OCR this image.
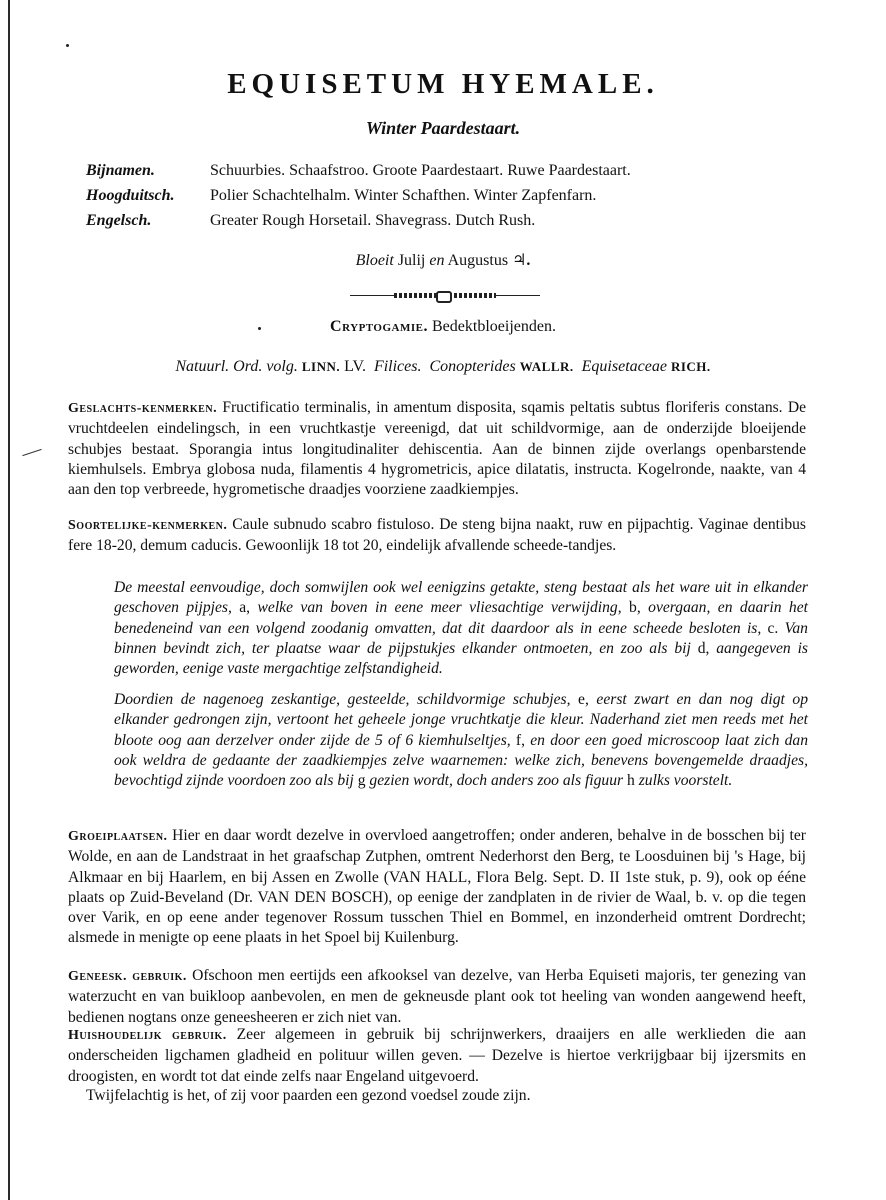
EQUISETUM HYEMALE.
Winter Paardestaart.
Bijnamen.	Schuurbies. Schaafstroo. Groote Paardestaart. Ruwe Paardestaart.
Hoogduitsch. Polier Schachtelhalm. Winter Schafthen. Winter Zapfenfarn.
Engelsch.	Greater Rough Horsetail. Shavegrass. Dutch Rush.
Bloeit Julij en Augustus ♃.
Cryptogamie. Bedektbloeijenden.
Natuurl. Ord. volg. LINN. LV. Filices. Conopterides WALLR. Equisetaceae RICH.
Geslachts-kenmerken. Fructificatio terminalis, in amentum disposita, sqamis peltatis subtus floriferis constans. De vruchtdeelen eindelingsch, in een vruchtkastje vereenigd, dat uit schildvormige, aan de onderzijde bloeijende schubjes bestaat. Sporangia intus longitudinaliter dehiscentia. Aan de binnen zijde overlangs openbarstende kiemhulsels. Embrya globosa nuda, filamentis 4 hygrometricis, apice dilatatis, instructa. Kogelronde, naakte, van 4 aan den top verbreede, hygrometische draadjes voorziene zaadkiempjes.
Soortelijke-kenmerken. Caule subnudo scabro fistuloso. De steng bijna naakt, ruw en pijpachtig. Vaginae dentibus fere 18-20, demum caducis. Gewoonlijk 18 tot 20, eindelijk afvallende scheede-tandjes.
De meestal eenvoudige, doch somwijlen ook wel eenigzins getakte, steng bestaat als het ware uit in elkander geschoven pijpjes, a, welke van boven in eene meer vliesachtige verwijding, b, overgaan, en daarin het benedeneind van een volgend zoodanig omvatten, dat dit daardoor als in eene scheede besloten is, c. Van binnen bevindt zich, ter plaatse waar de pijpstukjes elkander ontmoeten, en zoo als bij d, aangegeven is geworden, eenige vaste mergachtige zelfstandigheid.
Doordien de nagenoeg zeskantige, gesteelde, schildvormige schubjes, e, eerst zwart en dan nog digt op elkander gedrongen zijn, vertoont het geheele jonge vruchtkatje die kleur. Naderhand ziet men reeds met het bloote oog aan derzelver onder zijde de 5 of 6 kiemhulseltjes, f, en door een goed microscoop laat zich dan ook weldra de gedaante der zaadkiempjes zelve waarnemen: welke zich, benevens bovengemelde draadjes, bevochtigd zijnde voordoen zoo als bij g gezien wordt, doch anders zoo als figuur h zulks voorstelt.
Groeiplaatsen. Hier en daar wordt dezelve in overvloed aangetroffen; onder anderen, behalve in de bosschen bij ter Wolde, en aan de Landstraat in het graafschap Zutphen, omtrent Nederhorst den Berg, te Loosduinen bij 's Hage, bij Alkmaar en bij Haarlem, en bij Assen en Zwolle (VAN HALL, Flora Belg. Sept. D. II 1ste stuk, p. 9), ook op ééne plaats op Zuid-Beveland (Dr. VAN DEN BOSCH), op eenige der zandplaten in de rivier de Waal, b. v. op die tegen over Varik, en op eene ander tegenover Rossum tusschen Thiel en Bommel, en inzonderheid omtrent Dordrecht; alsmede in menigte op eene plaats in het Spoel bij Kuilenburg.
Geneesk. gebruik. Ofschoon men eertijds een afkooksel van dezelve, van Herba Equiseti majoris, ter genezing van waterzucht en van buikloop aanbevolen, en men de gekneusde plant ook tot heeling van wonden aangewend heeft, bedienen nogtans onze geneesheeren er zich niet van.
Huishoudelijk gebruik. Zeer algemeen in gebruik bij schrijnwerkers, draaijers en alle werklieden die aan onderscheiden ligchamen gladheid en polituur willen geven. — Dezelve is hiertoe verkrijgbaar bij ijzersmits en droogisten, en wordt tot dat einde zelfs naar Engeland uitgevoerd.
Twijfelachtig is het, of zij voor paarden een gezond voedsel zoude zijn.
